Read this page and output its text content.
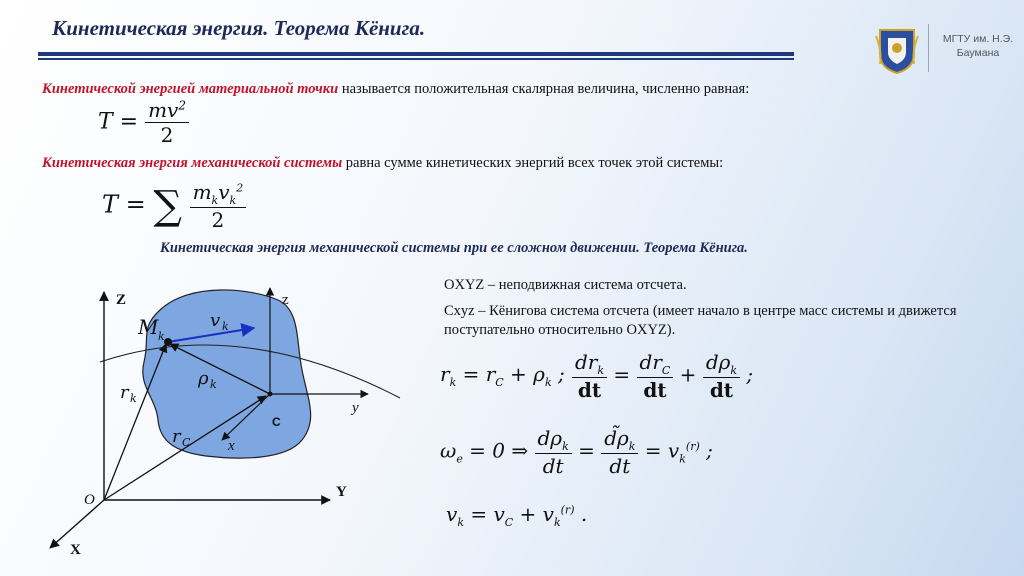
Кинетическая энергия. Теорема Кёнига.	МГТУ им. Н.Э. Баумана
Кинетической энергией материальной точки называется положительная скалярная величина, численно равная:
$T = \frac{mv^2}{2}$
Кинетическая энергия механической системы равна сумме кинетических энергий всех точек этой системы:
T = ∑ $\frac{m_kv_k^2}{2}$
Кинетическая энергия механической системы при ее сложном движении. Теорема Кёнига.
Z	z
Y
y
X
x
O
C
M k
v k
ρ k
r k
r C
OXYZ – неподвижная система отсчета.
Cxyz – Кёнигова система отсчета (имеет начало в центре масс системы и движется поступательно относительно OXYZ).
$r_k = r_C + \rho_k$ ; $\frac{dr_k}{dt} = \frac{dr_C}{dt} + \frac{d\rho_k}{dt}$ ;
$\omega_e = 0$ ⇒ $\frac{d\rho_k}{dt} = \frac{d̃\rho_k}{dt} = v_k^{(r)}$ ;
$v_k = v_C + v_k^{(r)}$ .
